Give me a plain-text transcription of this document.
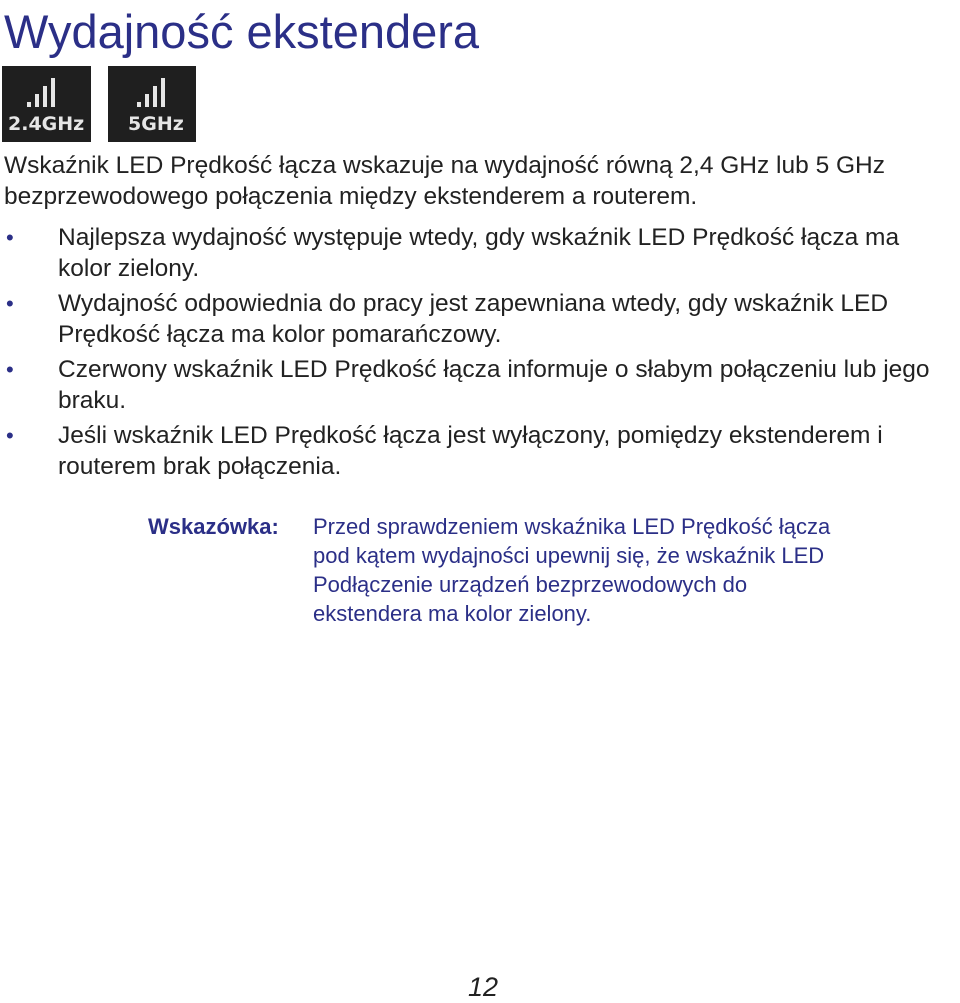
Wydajność ekstendera
2.4GHz 5GHz

Wskaźnik LED Prędkość łącza wskazuje na wydajność równą 2,4 GHz lub 5 GHz bezprzewodowego połączenia między ekstenderem a routerem.

• Najlepsza wydajność występuje wtedy, gdy wskaźnik LED Prędkość łącza ma kolor zielony.
• Wydajność odpowiednia do pracy jest zapewniana wtedy, gdy wskaźnik LED Prędkość łącza ma kolor pomarańczowy.
• Czerwony wskaźnik LED Prędkość łącza informuje o słabym połączeniu lub jego braku.
• Jeśli wskaźnik LED Prędkość łącza jest wyłączony, pomiędzy ekstenderem i routerem brak połączenia.
Wskazówka:	Przed sprawdzeniem wskaźnika LED Prędkość łącza pod kątem wydajności upewnij się, że wskaźnik LED Podłączenie urządzeń bezprzewodowych do ekstendera ma kolor zielony.
12
